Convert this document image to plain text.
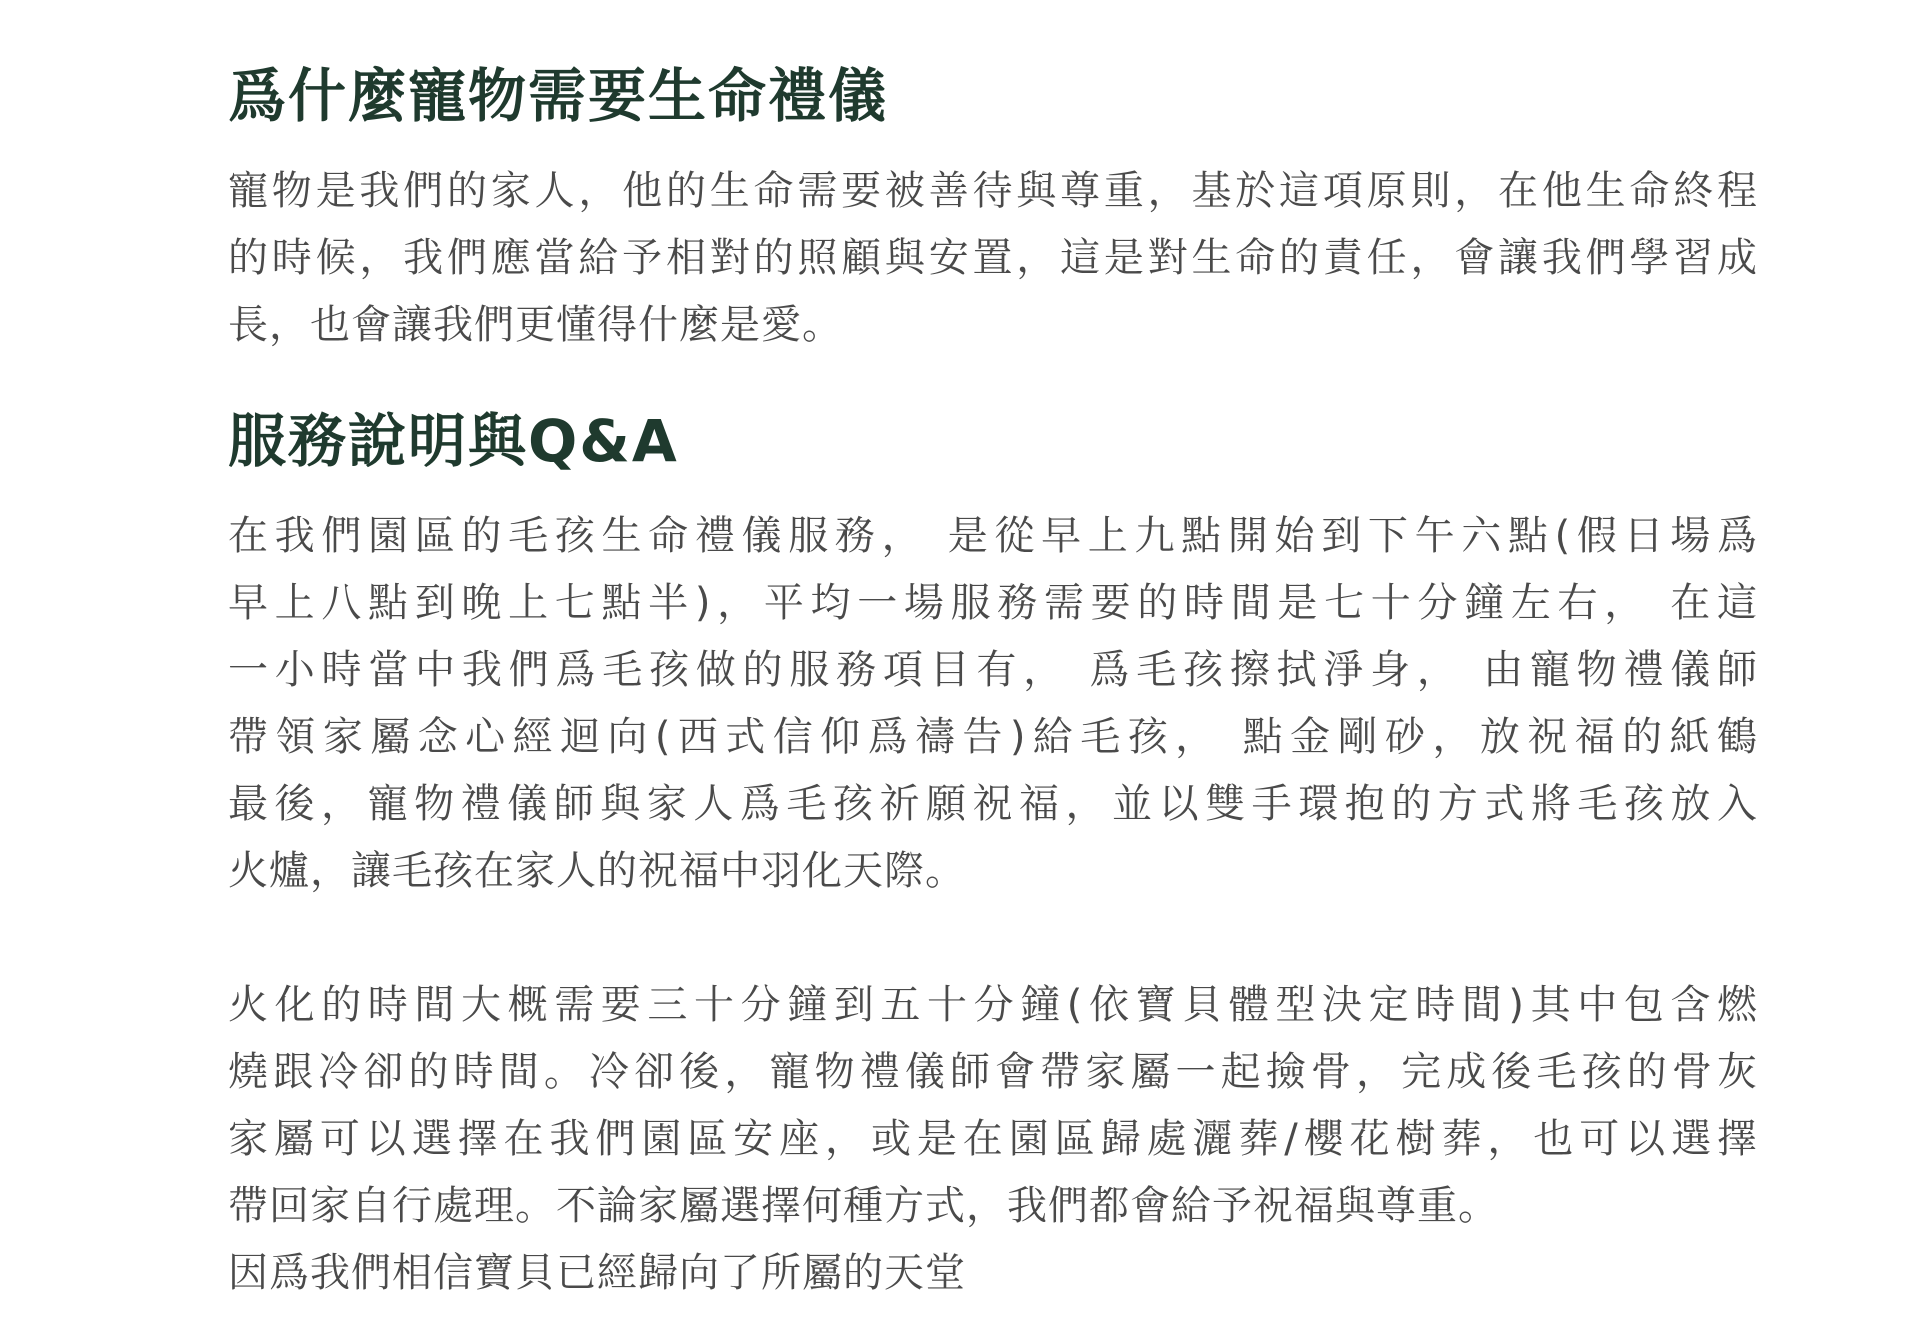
爲什麼寵物需要生命禮儀

寵物是我們的家人，他的生命需要被善待與尊重，基於這項原則，在他生命終程
的時候，我們應當給予相對的照顧與安置，這是對生命的責任，會讓我們學習成
長，也會讓我們更懂得什麼是愛。

服務說明與Q&A

在我們園區的毛孩生命禮儀服務， 是從早上九點開始到下午六點(假日場爲
早上八點到晚上七點半)，平均一場服務需要的時間是七十分鐘左右， 在這
一小時當中我們爲毛孩做的服務項目有， 爲毛孩擦拭淨身， 由寵物禮儀師
帶領家屬念心經迴向(西式信仰爲禱告)給毛孩， 點金剛砂，放祝福的紙鶴
最後，寵物禮儀師與家人爲毛孩祈願祝福，並以雙手環抱的方式將毛孩放入
火爐，讓毛孩在家人的祝福中羽化天際。

火化的時間大概需要三十分鐘到五十分鐘(依寶貝體型決定時間)其中包含燃
燒跟冷卻的時間。冷卻後，寵物禮儀師會帶家屬一起撿骨，完成後毛孩的骨灰
家屬可以選擇在我們園區安座，或是在園區歸處灑葬/櫻花樹葬，也可以選擇
帶回家自行處理。不論家屬選擇何種方式，我們都會給予祝福與尊重。
因爲我們相信寶貝已經歸向了所屬的天堂
